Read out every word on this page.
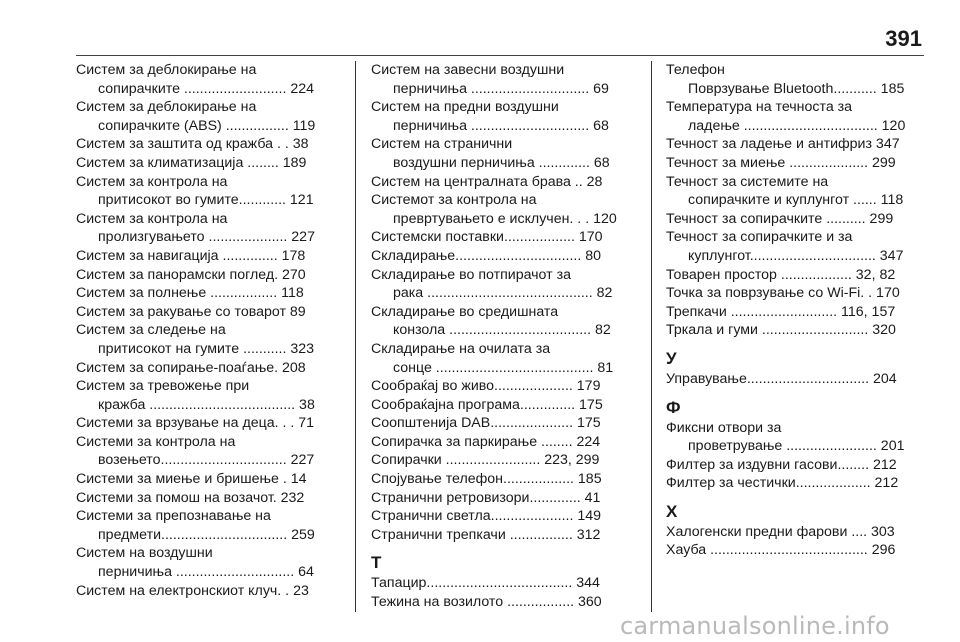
391
Систем за деблокирање на
сопирачките .......................... 224
Систем за деблокирање на
сопирачките (ABS) ................ 119
Систем за заштита од кражба . . 38
Систем за климатизација ........ 189
Систем за контрола на
притисокот во гумите............ 121
Систем за контрола на
пролизгувањето .................... 227
Систем за навигација .............. 178
Систем за панорамски поглед. 270
Систем за полнење ................. 118
Систем за ракување со товарот 89
Систем за следење на
притисокот на гумите ........... 323
Систем за сопирање-поаѓање. 208
Систем за тревожење при
кражба ..................................... 38
Системи за врзување на деца. . . 71
Системи за контрола на
возењето................................ 227
Системи за миење и бришење . 14
Системи за помош на возачот. 232
Системи за препознавање на
предмети................................ 259
Систем на воздушни
перничиња .............................. 64
Систем на електронскиот клуч. . 23
Систем на завесни воздушни
перничиња .............................. 69
Систем на предни воздушни
перничиња .............................. 68
Систем на странични
воздушни перничиња ............. 68
Систем на централната брава .. 28
Системот за контрола на
превртувањето е исклучен. . . 120
Системски поставки.................. 170
Складирање................................ 80
Складирање во потпирачот за
рака .......................................... 82
Складирање во средишната
конзола .................................... 82
Складирање на очилата за
сонце ........................................ 81
Сообраќај во живо.................... 179
Сообраќајна програма.............. 175
Соопштенија DAB..................... 175
Сопирачка за паркирање ........ 224
Сопирачки ........................ 223, 299
Спојување телефон.................. 185
Странични ретровизори............. 41
Странични светла..................... 149
Странични трепкачи ................ 312
Т
Тапацир..................................... 344
Тежина на возилото ................. 360
Телефон
Поврзување Bluetooth........... 185
Температура на течноста за
ладење .................................. 120
Течност за ладење и антифриз 347
Течност за миење .................... 299
Течност за системите на
сопирачките и куплунгот ...... 118
Течност за сопирачките .......... 299
Течност за сопирачките и за
куплунгот................................ 347
Товарен простор .................. 32, 82
Точка за поврзување со Wi-Fi. . 170
Трепкачи ........................... 116, 157
Тркала и гуми ........................... 320
У
Управување............................... 204
Ф
Фиксни отвори за
проветрување ....................... 201
Филтер за издувни гасови........ 212
Филтер за честички................... 212
Х
Халогенски предни фарови .... 303
Хауба ........................................ 296
carmanualsonline.info
